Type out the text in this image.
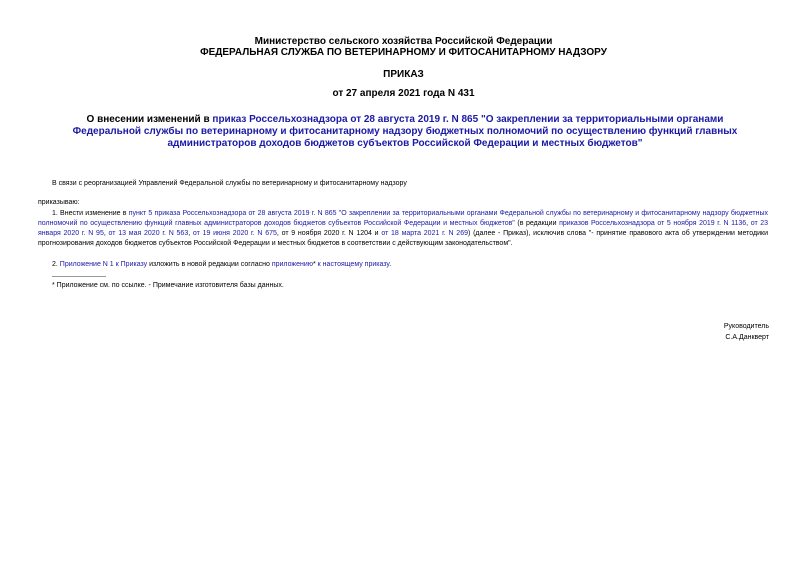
Министерство сельского хозяйства Российской Федерации
ФЕДЕРАЛЬНАЯ СЛУЖБА ПО ВЕТЕРИНАРНОМУ И ФИТОСАНИТАРНОМУ НАДЗОРУ
ПРИКАЗ
от 27 апреля 2021 года N 431
О внесении изменений в приказ Россельхознадзора от 28 августа 2019 г. N 865 "О закреплении за территориальными органами Федеральной службы по ветеринарному и фитосанитарному надзору бюджетных полномочий по осуществлению функций главных администраторов доходов бюджетов субъектов Российской Федерации и местных бюджетов"
В связи с реорганизацией Управлений Федеральной службы по ветеринарному и фитосанитарному надзору
приказываю:
1. Внести изменение в пункт 5 приказа Россельхознадзора от 28 августа 2019 г. N 865 "О закреплении за территориальными органами Федеральной службы по ветеринарному и фитосанитарному надзору бюджетных полномочий по осуществлению функций главных администраторов доходов бюджетов субъектов Российской Федерации и местных бюджетов" (в редакции приказов Россельхознадзора от 5 ноября 2019 г. N 1136, от 23 января 2020 г. N 95, от 13 мая 2020 г. N 563, от 19 июня 2020 г. N 675, от 9 ноября 2020 г. N 1204 и от 18 марта 2021 г. N 269) (далее - Приказ), исключив слова "- принятие правового акта об утверждении методики прогнозирования доходов бюджетов субъектов Российской Федерации и местных бюджетов в соответствии с действующим законодательством".
2. Приложение N 1 к Приказу изложить в новой редакции согласно приложению* к настоящему приказу.
* Приложение см. по ссылке. - Примечание изготовителя базы данных.
Руководитель
С.А.Данкверт
